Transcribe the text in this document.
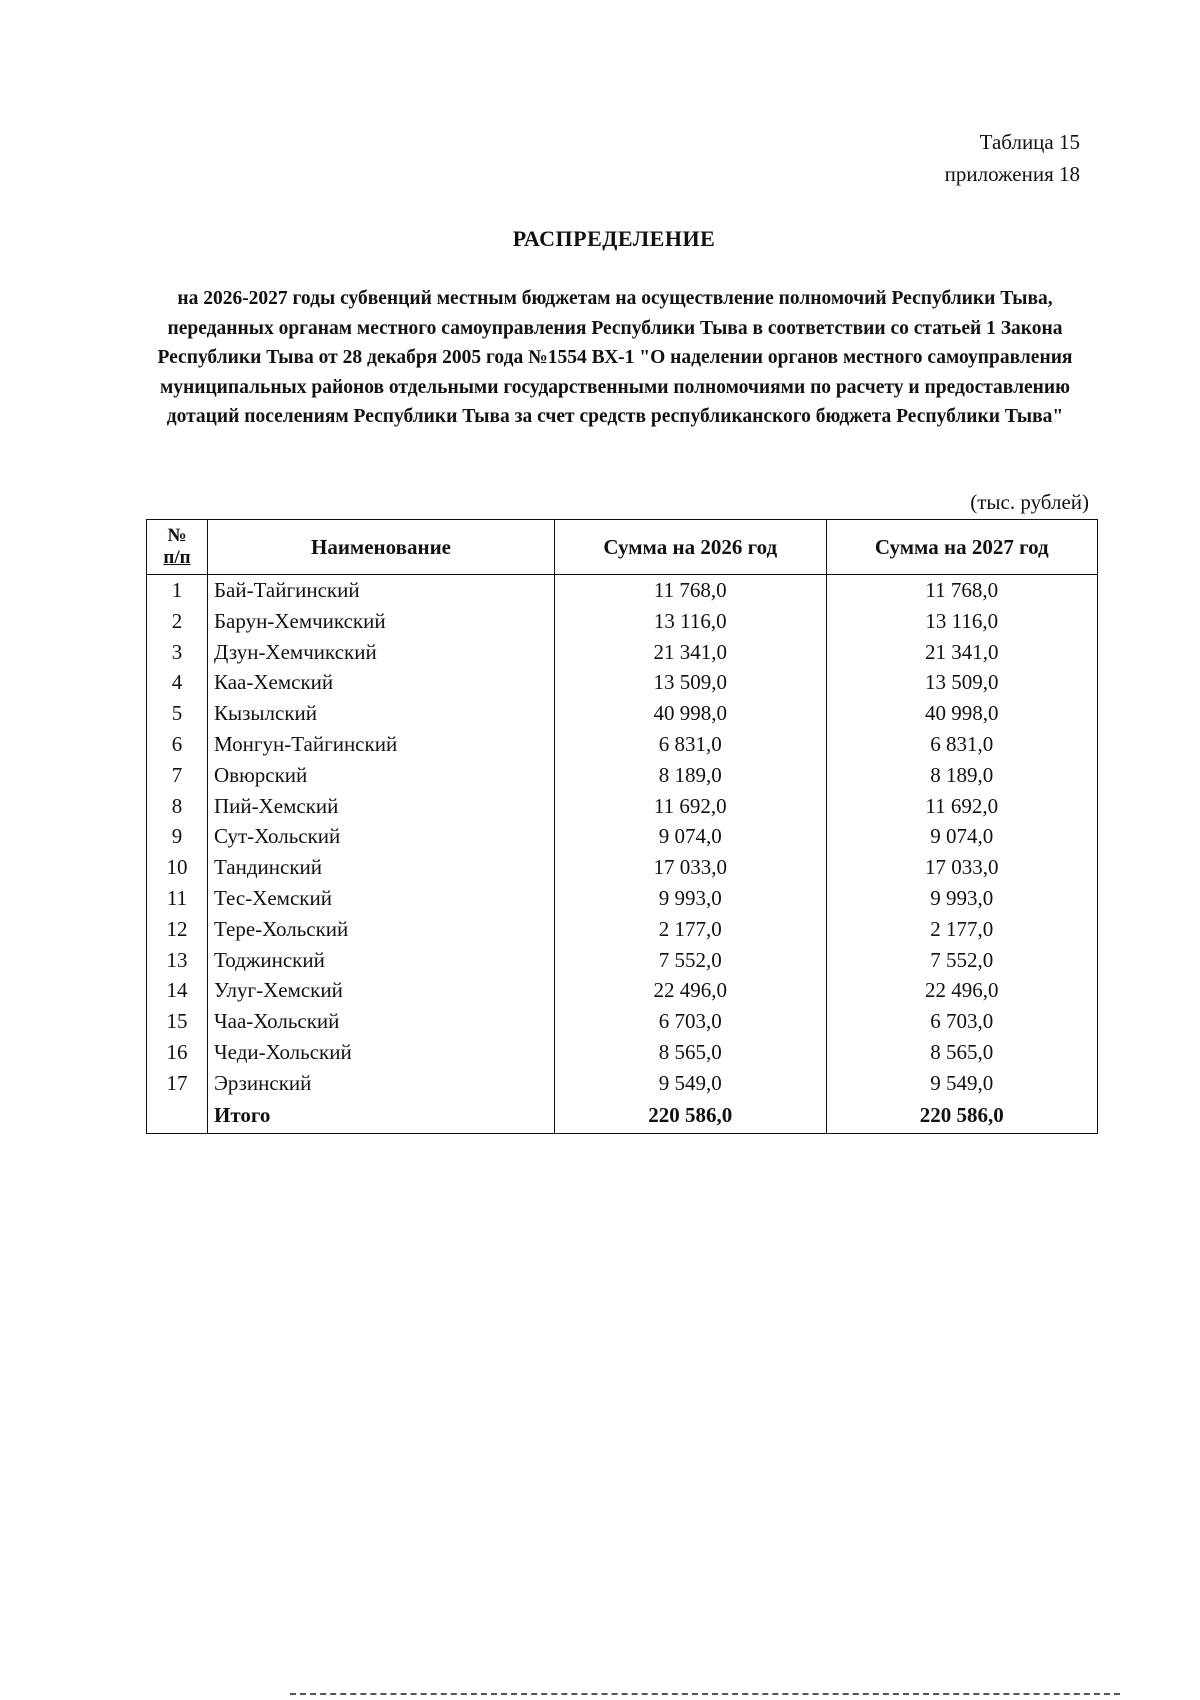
Таблица 15
приложения 18
РАСПРЕДЕЛЕНИЕ
на 2026-2027 годы субвенций местным бюджетам на осуществление полномочий Республики Тыва, переданных органам местного самоуправления Республики Тыва в соответствии со статьей 1 Закона Республики Тыва от 28 декабря 2005 года №1554 ВХ-1 "О наделении органов местного самоуправления муниципальных районов отдельными государственными полномочиями по расчету и предоставлению дотаций поселениям Республики Тыва за счет средств республиканского бюджета Республики Тыва"
(тыс. рублей)
№
п/п	Наименование	Сумма на 2026 год	Сумма на 2027 год
1	Бай-Тайгинский	11 768,0	11 768,0
2	Барун-Хемчикский	13 116,0	13 116,0
3	Дзун-Хемчикский	21 341,0	21 341,0
4	Каа-Хемский	13 509,0	13 509,0
5	Кызылский	40 998,0	40 998,0
6	Монгун-Тайгинский	6 831,0	6 831,0
7	Овюрский	8 189,0	8 189,0
8	Пий-Хемский	11 692,0	11 692,0
9	Сут-Хольский	9 074,0	9 074,0
10	Тандинский	17 033,0	17 033,0
11	Тес-Хемский	9 993,0	9 993,0
12	Тере-Хольский	2 177,0	2 177,0
13	Тоджинский	7 552,0	7 552,0
14	Улуг-Хемский	22 496,0	22 496,0
15	Чаа-Хольский	6 703,0	6 703,0
16	Чеди-Хольский	8 565,0	8 565,0
17	Эрзинский	9 549,0	9 549,0
	Итого	220 586,0	220 586,0
